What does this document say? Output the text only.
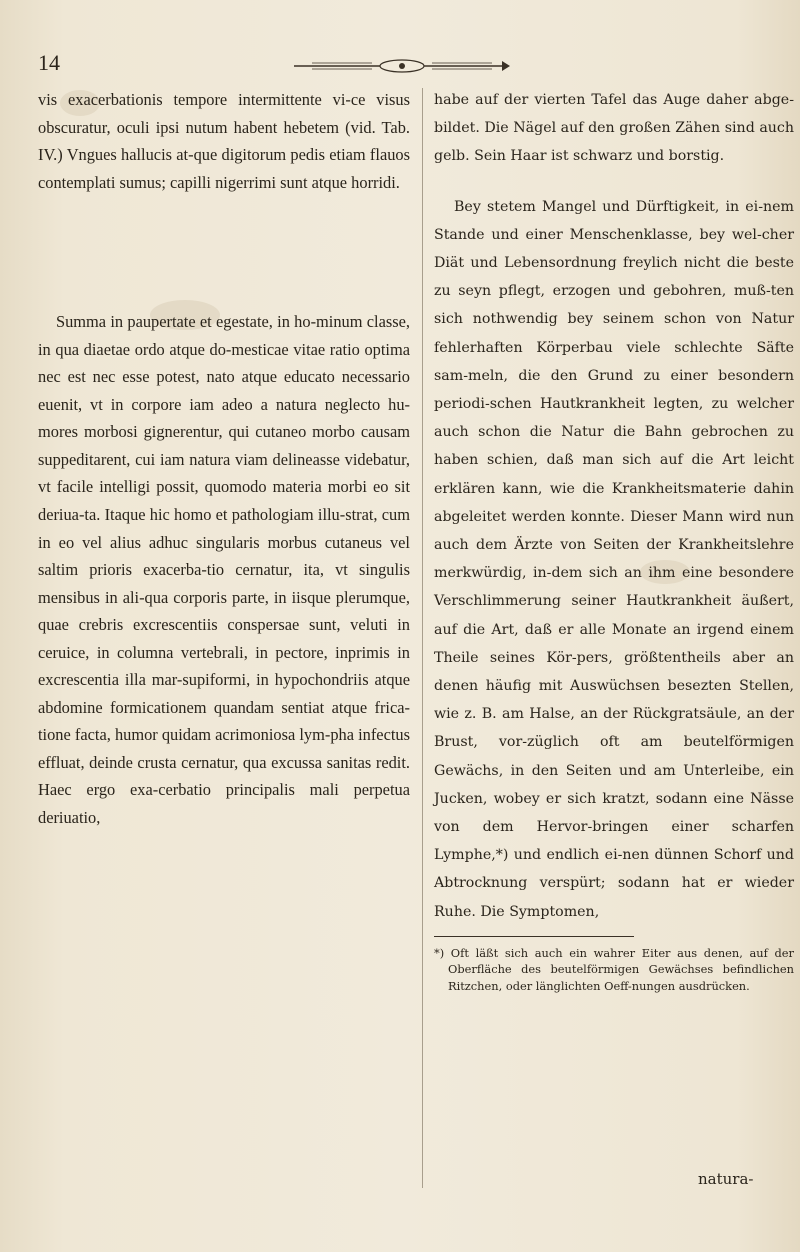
14

vis exacerbationis tempore intermittente vi-ce visus obscuratur, oculi ipsi nutum habent hebetem (vid. Tab. IV.) Vngues hallucis at-que digitorum pedis etiam flauos contemplati sumus; capilli nigerrimi sunt atque horridi.

Summa in paupertate et egestate, in ho-minum classe, in qua diaetae ordo atque do-mesticae vitae ratio optima nec est nec esse potest, nato atque educato necessario euenit, vt in corpore iam adeo a natura neglecto hu-mores morbosi gignerentur, qui cutaneo morbo causam suppeditarent, cui iam natura viam delineasse videbatur, vt facile intelligi possit, quomodo materia morbi eo sit deriua-ta. Itaque hic homo et pathologiam illu-strat, cum in eo vel alius adhuc singularis morbus cutaneus vel saltim prioris exacerba-tio cernatur, ita, vt singulis mensibus in ali-qua corporis parte, in iisque plerumque, quae crebris excrescentiis conspersae sunt, veluti in ceruice, in columna vertebrali, in pectore, inprimis in excrescentia illa mar-supiformi, in hypochondriis atque abdomine formicationem quandam sentiat atque frica-tione facta, humor quidam acrimoniosa lym-pha infectus effluat, deinde crusta cernatur, qua excussa sanitas redit. Haec ergo exa-cerbatio principalis mali perpetua deriuatio,

habe auf der vierten Tafel das Auge daher abge-bildet. Die Nägel auf den großen Zähen sind auch gelb. Sein Haar ist schwarz und borstig.

Bey stetem Mangel und Dürftigkeit, in ei-nem Stande und einer Menschenklasse, bey wel-cher Diät und Lebensordnung freylich nicht die beste zu seyn pflegt, erzogen und gebohren, muß-ten sich nothwendig bey seinem schon von Natur fehlerhaften Körperbau viele schlechte Säfte sam-meln, die den Grund zu einer besondern periodi-schen Hautkrankheit legten, zu welcher auch schon die Natur die Bahn gebrochen zu haben schien, daß man sich auf die Art leicht erklären kann, wie die Krankheitsmaterie dahin abgeleitet werden konnte. Dieser Mann wird nun auch dem Ärzte von Seiten der Krankheitslehre merkwürdig, in-dem sich an ihm eine besondere Verschlimmerung seiner Hautkrankheit äußert, auf die Art, daß er alle Monate an irgend einem Theile seines Kör-pers, größtentheils aber an denen häufig mit Auswüchsen besezten Stellen, wie z. B. am Halse, an der Rückgratsäule, an der Brust, vor-züglich oft am beutelförmigen Gewächs, in den Seiten und am Unterleibe, ein Jucken, wobey er sich kratzt, sodann eine Nässe von dem Hervor-bringen einer scharfen Lymphe,*) und endlich ei-nen dünnen Schorf und Abtrocknung verspürt; sodann hat er wieder Ruhe. Die Symptomen,

*) Oft läßt sich auch ein wahrer Eiter aus denen, auf der Oberfläche des beutelförmigen Gewächses befindlichen Ritzchen, oder länglichten Oeff-nungen ausdrücken.

natura-
